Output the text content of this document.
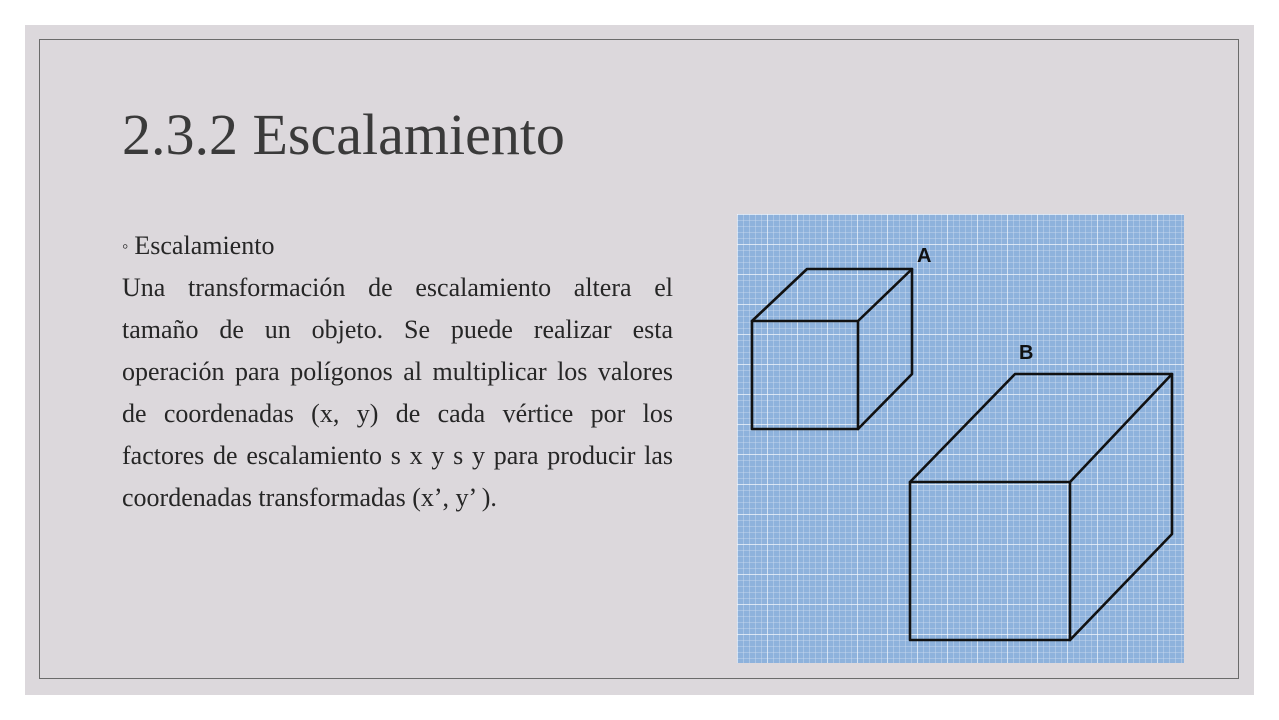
2.3.2 Escalamiento
◦ Escalamiento

Una transformación de escalamiento altera el tamaño de un objeto. Se puede realizar esta operación para polígonos al multiplicar los valores de coordenadas (x, y) de cada vértice por los factores de escalamiento s x y s y para producir las coordenadas transformadas (x’, y’ ).

A
B
